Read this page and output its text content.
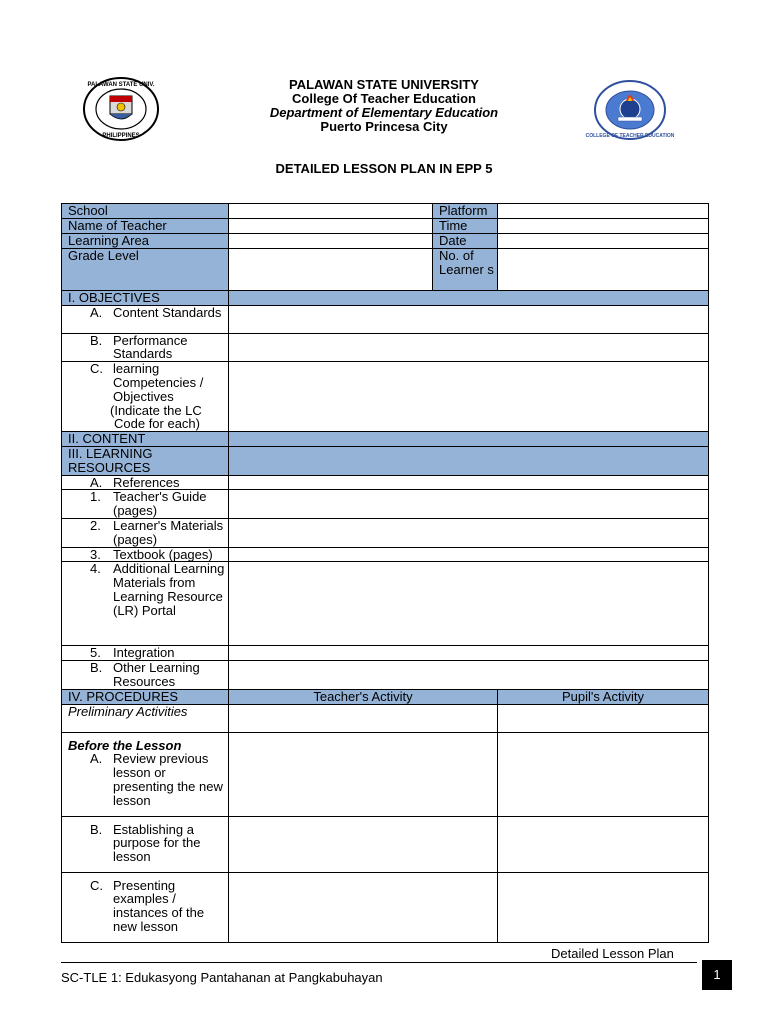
PALAWAN STATE UNIV.
PHILIPPINES	COLLEGE OF TEACHER EDUCATION
PALAWAN STATE UNIVERSITY
College Of Teacher Education
Department of Elementary Education
Puerto Princesa City
DETAILED LESSON PLAN IN EPP 5
School		Platform	
Name of Teacher		Time	
Learning Area		Date	
Grade Level		No. of Learner s	
I. OBJECTIVES			
A. Content Standards			
B. Performance Standards			
C. learning Competencies / Objectives
(Indicate the LC
Code for each)			

II. CONTENT			
III. LEARNING RESOURCES			
A. References			
1. Teacher's Guide (pages)			
2. Learner's Materials (pages)			
3. Textbook (pages)			
4. Additional Learning Materials from Learning Resource (LR) Portal			
5. Integration			
B. Other Learning Resources			
IV. PROCEDURES	Teacher's Activity		Pupil's Activity
Preliminary Activities			

Before the Lesson
A. Review previous lesson or presenting the new lesson			

B. Establishing a purpose for the lesson			

C. Presenting examples / instances of the new lesson			

Detailed Lesson Plan
SC-TLE 1: Edukasyong Pantahanan at Pangkabuhayan	1
